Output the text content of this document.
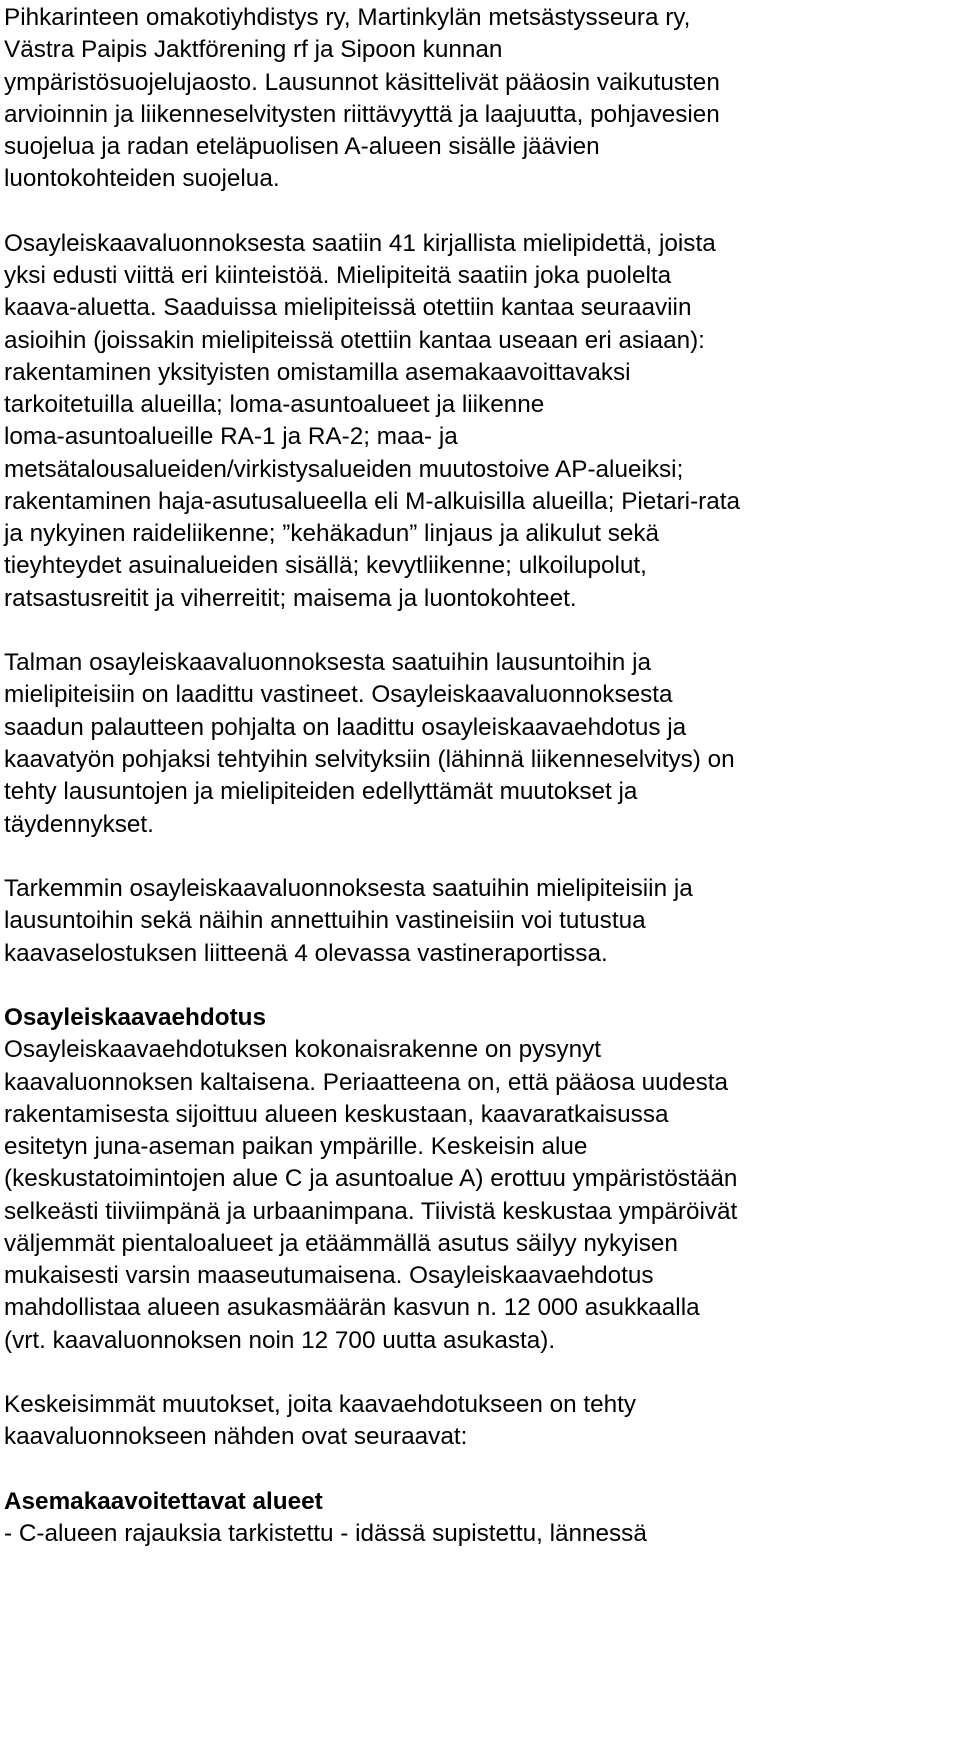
Pihkarinteen omakotiyhdistys ry, Martinkylän metsästysseura ry,
Västra Paipis Jaktförening rf ja Sipoon kunnan
ympäristösuojelujaosto. Lausunnot käsittelivät pääosin vaikutusten
arvioinnin ja liikenneselvitysten riittävyyttä ja laajuutta, pohjavesien
suojelua ja radan eteläpuolisen A-alueen sisälle jäävien
luontokohteiden suojelua.
Osayleiskaavaluonnoksesta saatiin 41 kirjallista mielipidettä, joista
yksi edusti viittä eri kiinteistöä. Mielipiteitä saatiin joka puolelta
kaava-aluetta. Saaduissa mielipiteissä otettiin kantaa seuraaviin
asioihin (joissakin mielipiteissä otettiin kantaa useaan eri asiaan):
rakentaminen yksityisten omistamilla asemakaavoittavaksi
tarkoitetuilla alueilla; loma-asuntoalueet ja liikenne
loma-asuntoalueille RA-1 ja RA-2; maa- ja
metsätalousalueiden/virkistysalueiden muutostoive AP-alueiksi;
rakentaminen haja-asutusalueella eli M-alkuisilla alueilla; Pietari-rata
ja nykyinen raideliikenne; ”kehäkadun” linjaus ja alikulut sekä
tieyhteydet asuinalueiden sisällä; kevytliikenne; ulkoilupolut,
ratsastusreitit ja viherreitit; maisema ja luontokohteet.
Talman osayleiskaavaluonnoksesta saatuihin lausuntoihin ja
mielipiteisiin on laadittu vastineet. Osayleiskaavaluonnoksesta
saadun palautteen pohjalta on laadittu osayleiskaavaehdotus ja
kaavatyön pohjaksi tehtyihin selvityksiin (lähinnä liikenneselvitys) on
tehty lausuntojen ja mielipiteiden edellyttämät muutokset ja
täydennykset.
Tarkemmin osayleiskaavaluonnoksesta saatuihin mielipiteisiin ja
lausuntoihin sekä näihin annettuihin vastineisiin voi tutustua
kaavaselostuksen liitteenä 4 olevassa vastineraportissa.
Osayleiskaavaehdotus
Osayleiskaavaehdotuksen kokonaisrakenne on pysynyt
kaavaluonnoksen kaltaisena. Periaatteena on, että pääosa uudesta
rakentamisesta sijoittuu alueen keskustaan, kaavaratkaisussa
esitetyn juna-aseman paikan ympärille. Keskeisin alue
(keskustatoimintojen alue C ja asuntoalue A) erottuu ympäristöstään
selkeästi tiiviimpänä ja urbaanimpana. Tiivistä keskustaa ympäröivät
väljemmät pientaloalueet ja etäämmällä asutus säilyy nykyisen
mukaisesti varsin maaseutumaisena. Osayleiskaavaehdotus
mahdollistaa alueen asukasmäärän kasvun n. 12 000 asukkaalla
(vrt. kaavaluonnoksen noin 12 700 uutta asukasta).
Keskeisimmät muutokset, joita kaavaehdotukseen on tehty
kaavaluonnokseen nähden ovat seuraavat:
Asemakaavoitettavat alueet
- C-alueen rajauksia tarkistettu - idässä supistettu, lännessä
